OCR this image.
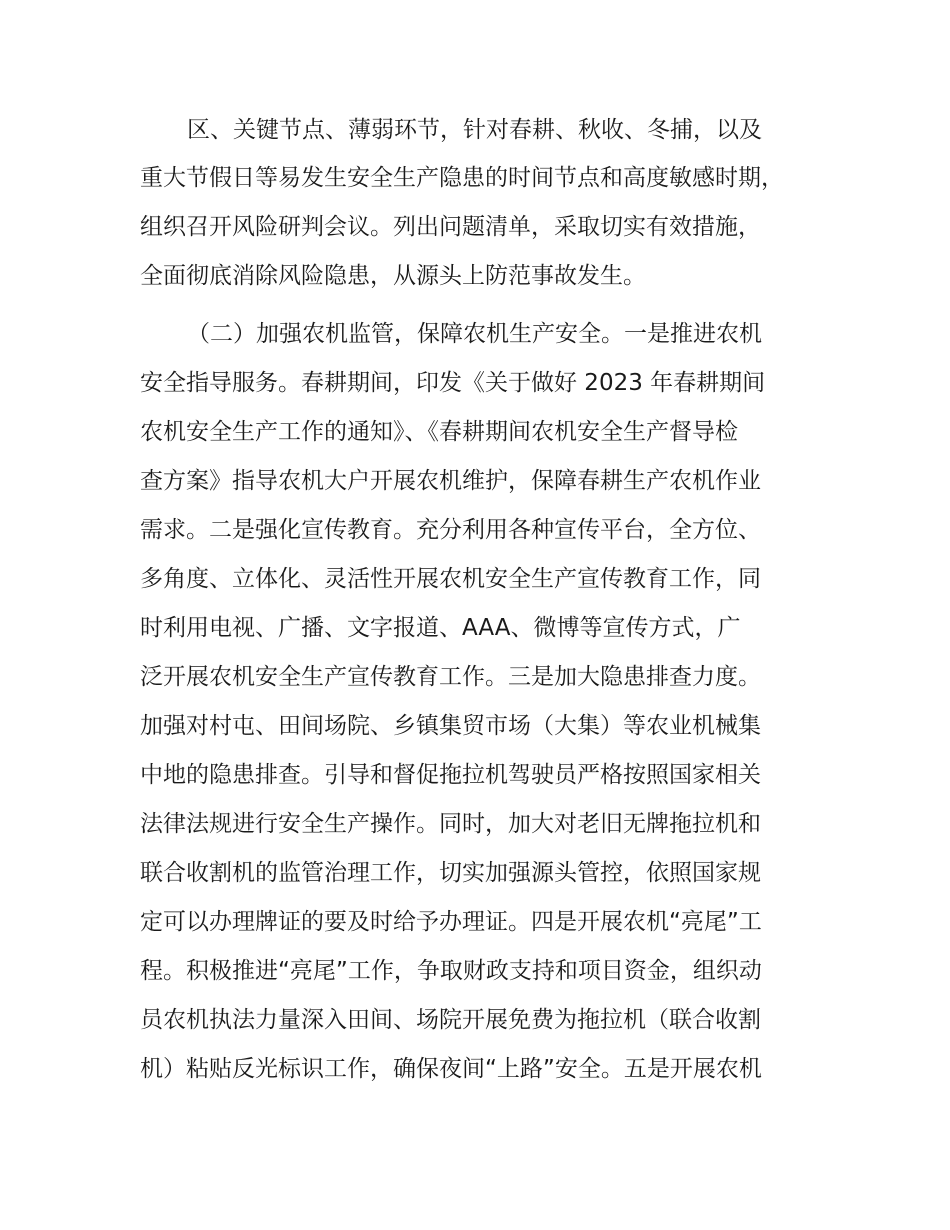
区、关键节点、薄弱环节，针对春耕、秋收、冬捕，以及
重大节假日等易发生安全生产隐患的时间节点和高度敏感时期，
组织召开风险研判会议。列出问题清单，采取切实有效措施，
全面彻底消除风险隐患，从源头上防范事故发生。
（二）加强农机监管，保障农机生产安全。一是推进农机
安全指导服务。春耕期间，印发《关于做好 2023 年春耕期间
农机安全生产工作的通知》、《春耕期间农机安全生产督导检
查方案》指导农机大户开展农机维护，保障春耕生产农机作业
需求。二是强化宣传教育。充分利用各种宣传平台，全方位、
多角度、立体化、灵活性开展农机安全生产宣传教育工作，同
时利用电视、广播、文字报道、AAA、微博等宣传方式，广
泛开展农机安全生产宣传教育工作。三是加大隐患排查力度。
加强对村屯、田间场院、乡镇集贸市场（大集）等农业机械集
中地的隐患排查。引导和督促拖拉机驾驶员严格按照国家相关
法律法规进行安全生产操作。同时，加大对老旧无牌拖拉机和
联合收割机的监管治理工作，切实加强源头管控，依照国家规
定可以办理牌证的要及时给予办理证。四是开展农机“亮尾”工
程。积极推进“亮尾”工作，争取财政支持和项目资金，组织动
员农机执法力量深入田间、场院开展免费为拖拉机（联合收割
机）粘贴反光标识工作，确保夜间“上路”安全。五是开展农机
